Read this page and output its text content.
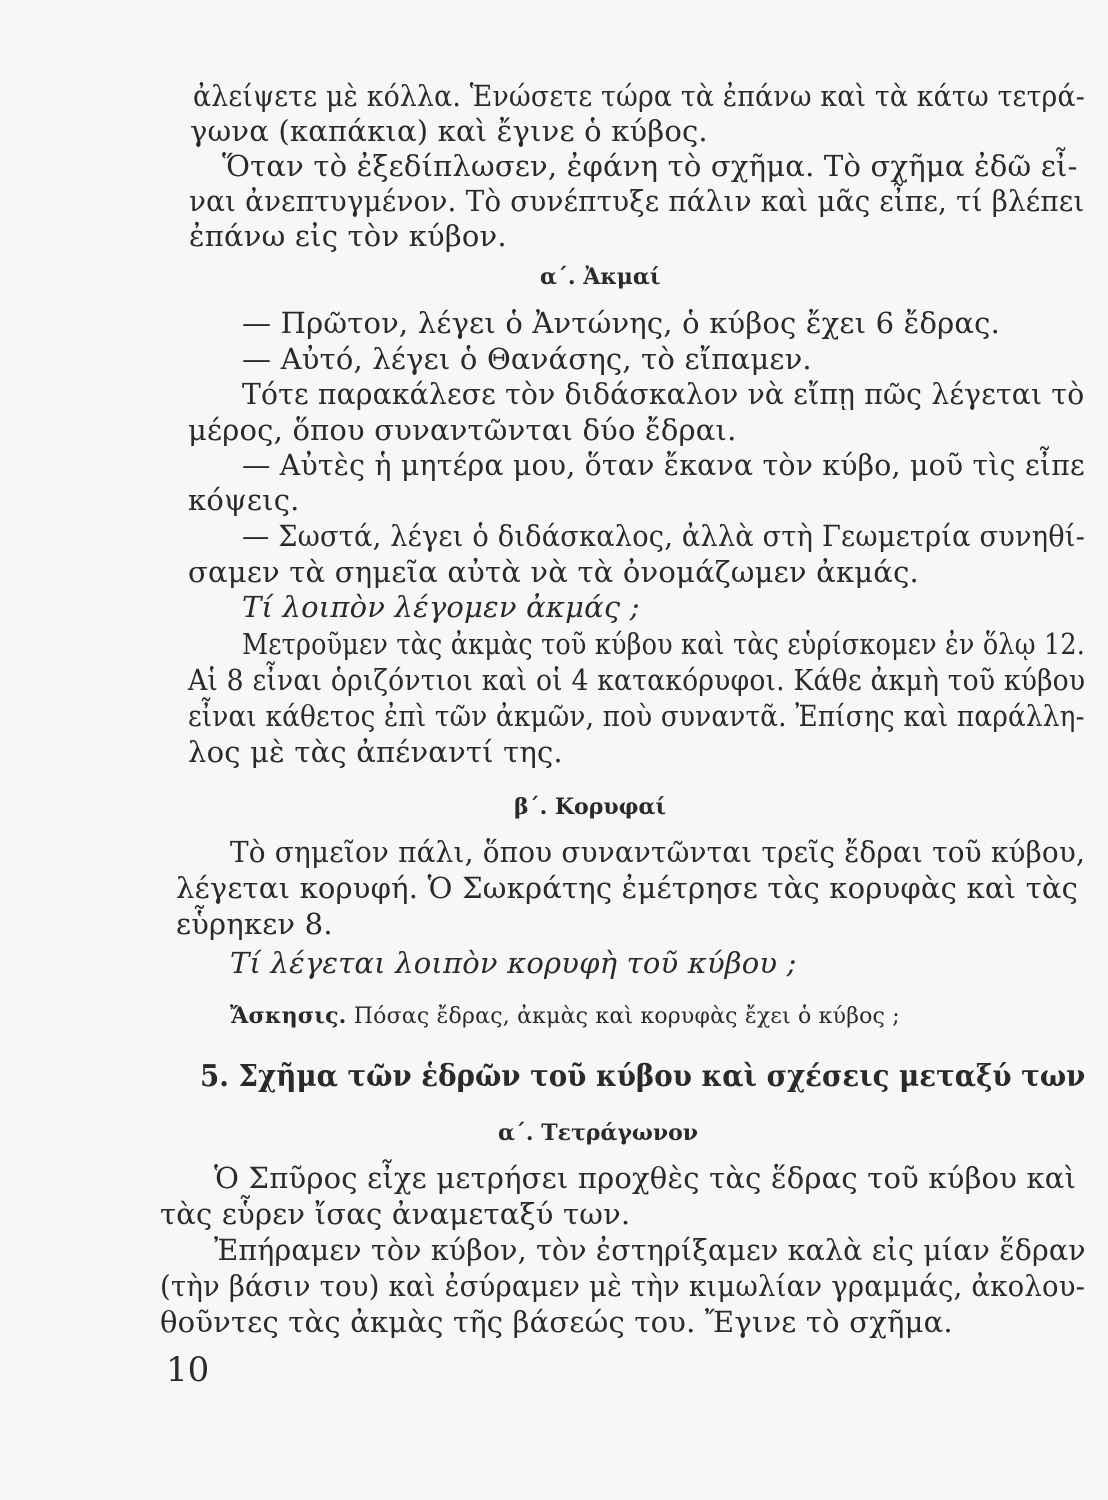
ἀλείψετε μὲ κόλλα. Ἑνώσετε τώρα τὰ ἐπάνω καὶ τὰ κάτω τετρά-
γωνα (καπάκια) καὶ ἔγινε ὁ κύβος.
Ὅταν τὸ ἐξεδίπλωσεν, ἐφάνη τὸ σχῆμα. Τὸ σχῆμα ἐδῶ εἶ-
ναι ἀνεπτυγμένον. Τὸ συνέπτυξε πάλιν καὶ μᾶς εἶπε, τί βλέπει
ἐπάνω εἰς τὸν κύβον.
α΄. Ἀκμαί
— Πρῶτον, λέγει ὁ Ἀντώνης, ὁ κύβος ἔχει 6 ἔδρας.
— Αὐτό, λέγει ὁ Θανάσης, τὸ εἴπαμεν.
Τότε παρακάλεσε τὸν διδάσκαλον νὰ εἴπῃ πῶς λέγεται τὸ
μέρος, ὅπου συναντῶνται δύο ἔδραι.
— Αὐτὲς ἡ μητέρα μου, ὅταν ἔκανα τὸν κύβο, μοῦ τὶς εἶπε
κόψεις.
— Σωστά, λέγει ὁ διδάσκαλος, ἀλλὰ στὴ Γεωμετρία συνηθί-
σαμεν τὰ σημεῖα αὐτὰ νὰ τὰ ὀνομάζωμεν ἀκμάς.
Τί λοιπὸν λέγομεν ἀκμάς ;
Μετροῦμεν τὰς ἀκμὰς τοῦ κύβου καὶ τὰς εὑρίσκομεν ἐν ὅλῳ 12.
Αἱ 8 εἶναι ὁριζόντιοι καὶ οἱ 4 κατακόρυφοι. Κάθε ἀκμὴ τοῦ κύβου
εἶναι κάθετος ἐπὶ τῶν ἀκμῶν, ποὺ συναντᾶ. Ἐπίσης καὶ παράλλη-
λος μὲ τὰς ἀπέναντί της.
β΄. Κορυφαί
Τὸ σημεῖον πάλι, ὅπου συναντῶνται τρεῖς ἔδραι τοῦ κύβου,
λέγεται κορυφή. Ὁ Σωκράτης ἐμέτρησε τὰς κορυφὰς καὶ τὰς
εὗρηκεν 8.
Τί λέγεται λοιπὸν κορυφὴ τοῦ κύβου ;
Ἄσκησις. Πόσας ἔδρας, ἀκμὰς καὶ κορυφὰς ἔχει ὁ κύβος ;
5. Σχῆμα τῶν ἑδρῶν τοῦ κύβου καὶ σχέσεις μεταξύ των
α΄. Τετράγωνον
Ὁ Σπῦρος εἶχε μετρήσει προχθὲς τὰς ἕδρας τοῦ κύβου καὶ
τὰς εὗρεν ἴσας ἀναμεταξύ των.
Ἐπήραμεν τὸν κύβον, τὸν ἐστηρίξαμεν καλὰ εἰς μίαν ἕδραν
(τὴν βάσιν του) καὶ ἐσύραμεν μὲ τὴν κιμωλίαν γραμμάς, ἀκολου-
θοῦντες τὰς ἀκμὰς τῆς βάσεώς του. Ἔγινε τὸ σχῆμα.
10
